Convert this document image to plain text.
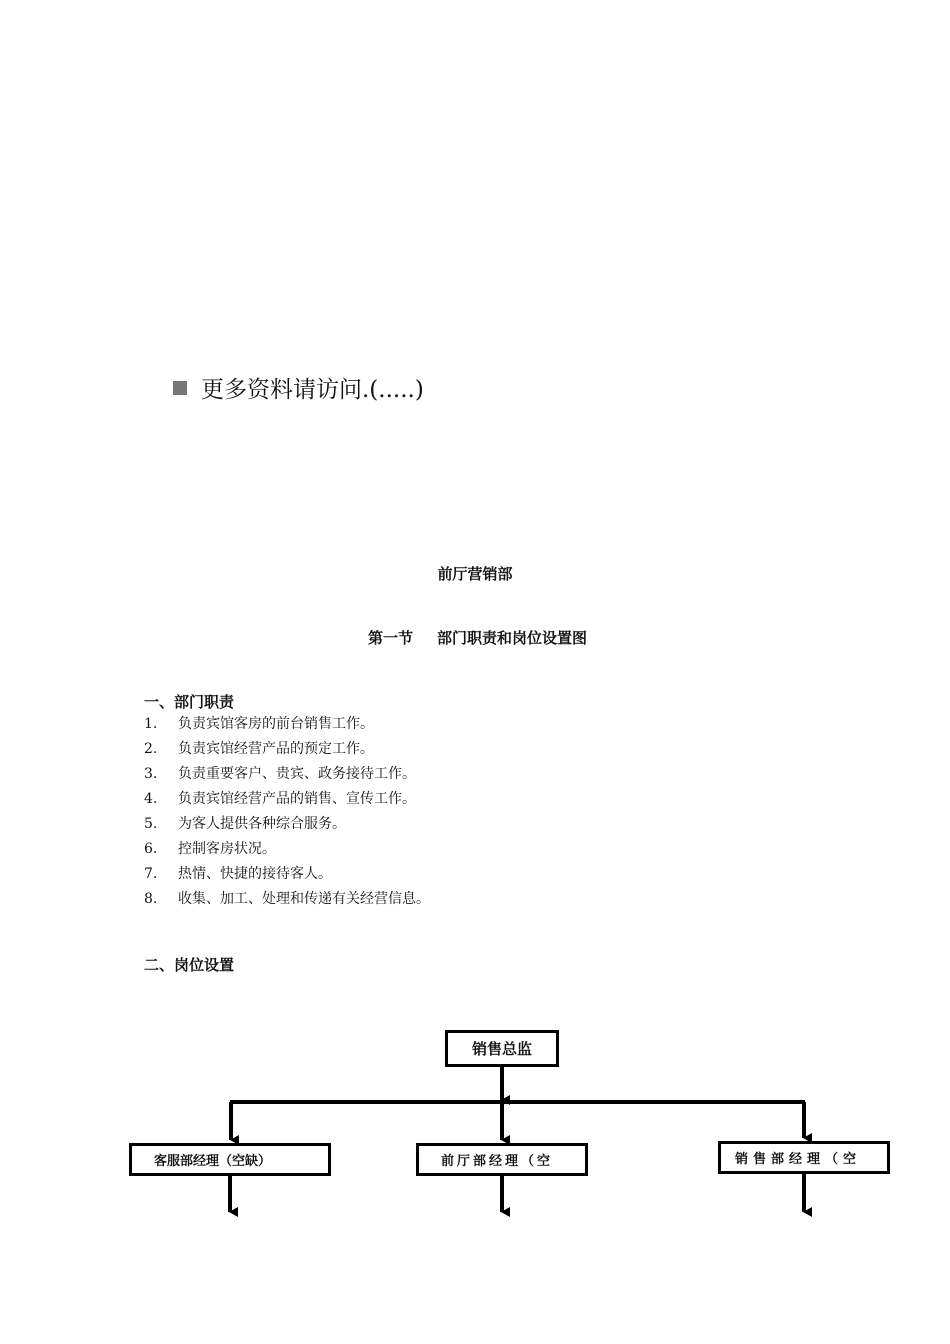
更多资料请访问.(.....)
前厅营销部
第一节 部门职责和岗位设置图
一、部门职责
1. 负责宾馆客房的前台销售工作。
2. 负责宾馆经营产品的预定工作。
3. 负责重要客户、贵宾、政务接待工作。
4. 负责宾馆经营产品的销售、宣传工作。
5. 为客人提供各种综合服务。
6. 控制客房状况。
7. 热情、快捷的接待客人。
8. 收集、加工、处理和传递有关经营信息。
二、岗位设置
销售总监
客服部经理（空缺）	前厅部经理（空	销售部经理（空
